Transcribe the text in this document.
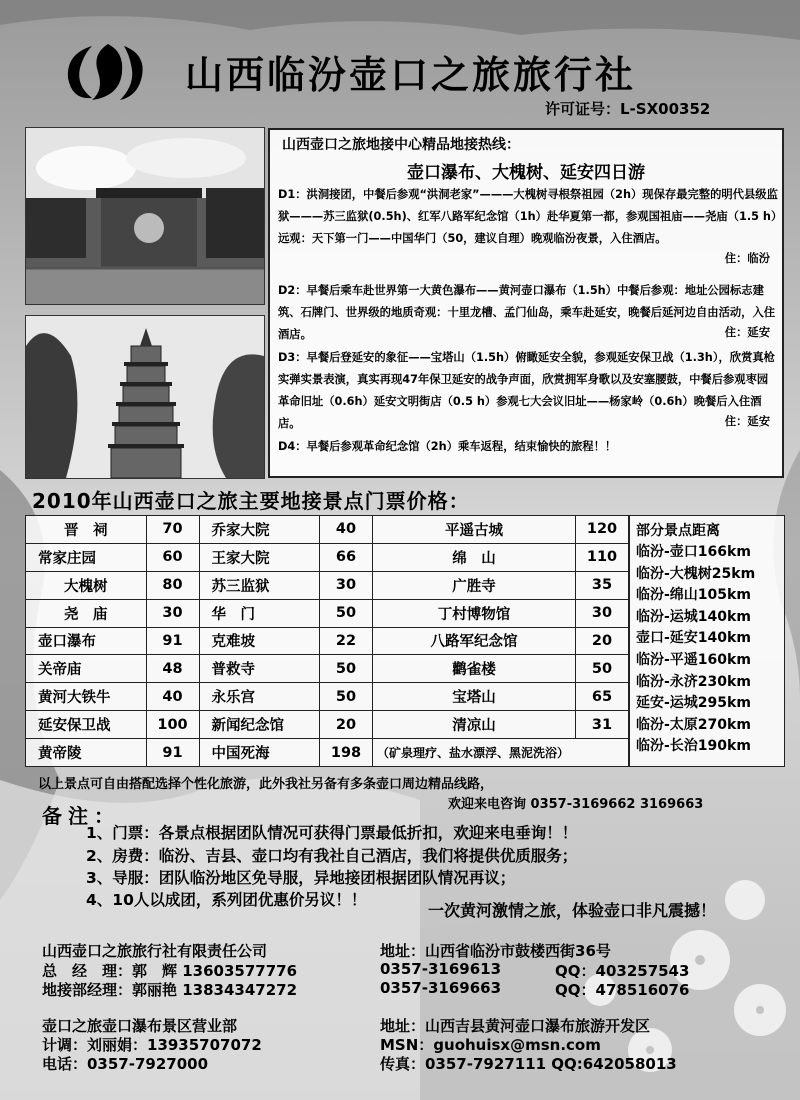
山西临汾壶口之旅旅行社
许可证号：L-SX00352
山西壶口之旅地接中心精品地接热线：
壶口瀑布、大槐树、延安四日游
D1：洪洞接团，中餐后参观“洪洞老家”———大槐树寻根祭祖园（2h）现保存最完整的明代县级监狱———苏三监狱(0.5h)、红军八路军纪念馆（1h）赴华夏第一都，参观国祖庙——尧庙（1.5 h）远观：天下第一门——中国华门（50，建议自理）晚观临汾夜景，入住酒店。
住：临汾
D2：早餐后乘车赴世界第一大黄色瀑布——黄河壶口瀑布（1.5h）中餐后参观：地址公园标志建筑、石牌门、世界级的地质奇观：十里龙槽、孟门仙岛，乘车赴延安，晚餐后延河边自由活动，入住酒店。	住：延安
D3：早餐后登延安的象征——宝塔山（1.5h）俯瞰延安全貌，参观延安保卫战（1.3h），欣赏真枪实弹实景表演，真实再现47年保卫延安的战争声面，欣赏拥军身歌以及安塞腰鼓，中餐后参观枣园革命旧址（0.6h）延安文明街店（0.5 h）参观七大会议旧址——杨家岭（0.6h）晚餐后入住酒店。	住：延安
D4：早餐后参观革命纪念馆（2h）乘车返程，结束愉快的旅程！！
2010年山西壶口之旅主要地接景点门票价格：
晋　祠	70	乔家大院	40	平遥古城	120
常家庄园	60	王家大院	66	绵　山	110
大槐树	80	苏三监狱	30	广胜寺	35
尧　庙	30	华　门	50	丁村博物馆	30
壶口瀑布	91	克难坡	22	八路军纪念馆	20
关帝庙	48	普救寺	50	鹳雀楼	50
黄河大铁牛	40	永乐宫	50	宝塔山	65
延安保卫战	100	新闻纪念馆	20	清凉山	31
黄帝陵	91	中国死海	198	（矿泉理疗、盐水漂浮、黑泥洗浴）	
部分景点距离
临汾-壶口166km
临汾-大槐树25km
临汾-绵山105km
临汾-运城140km
壶口-延安140km
临汾-平遥160km
临汾-永济230km
延安-运城295km
临汾-太原270km
临汾-长治190km
以上景点可自由搭配选择个性化旅游，此外我社另备有多条壶口周边精品线路，
欢迎来电咨询 0357-3169662 3169663
备注：
1、门票：各景点根据团队情况可获得门票最低折扣，欢迎来电垂询！！
2、房费：临汾、吉县、壶口均有我社自己酒店，我们将提供优质服务；
3、导服：团队临汾地区免导服，异地接团根据团队情况再议；
4、10人以成团，系列团优惠价另议！！
一次黄河激情之旅，体验壶口非凡震撼！
山西壶口之旅旅行社有限责任公司	地址：山西省临汾市鼓楼西街36号
总　经　理：郭　辉 13603577776	0357-3169613	QQ：403257543
地接部经理：郭丽艳 13834347272	0357-3169663	QQ：478516076
壶口之旅壶口瀑布景区营业部	地址：山西吉县黄河壶口瀑布旅游开发区
计调：刘丽娟：13935707072	MSN：guohuisx@msn.com
电话：0357-7927000	传真：0357-7927111 QQ:642058013
